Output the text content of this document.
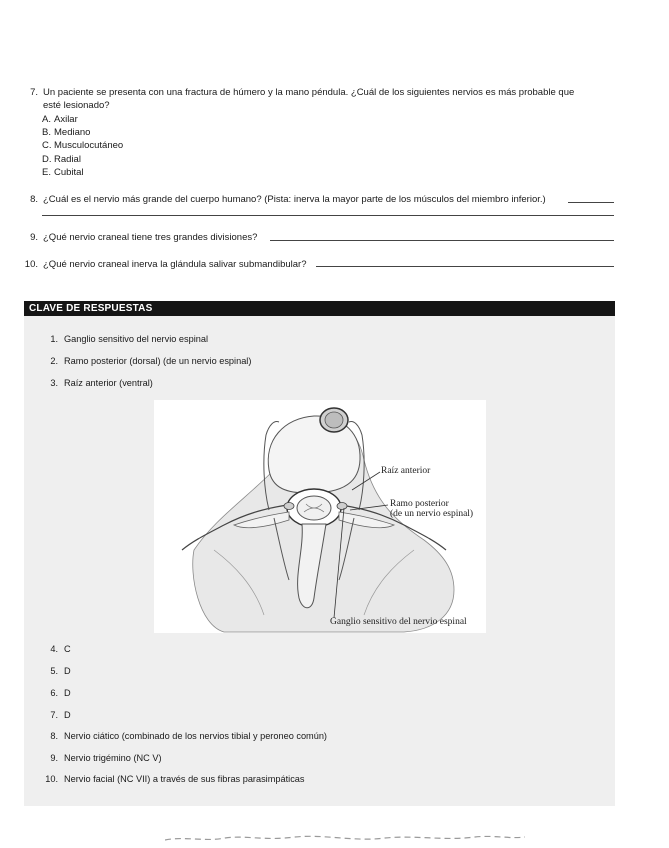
7. Un paciente se presenta con una fractura de húmero y la mano péndula. ¿Cuál de los siguientes nervios es más probable que
esté lesionado?
A. Axilar
B. Mediano
C. Musculocutáneo
D. Radial
E. Cubital
8. ¿Cuál es el nervio más grande del cuerpo humano? (Pista: inerva la mayor parte de los músculos del miembro inferior.)
9. ¿Qué nervio craneal tiene tres grandes divisiones?
10. ¿Qué nervio craneal inerva la glándula salivar submandibular?
CLAVE DE RESPUESTAS
1. Ganglio sensitivo del nervio espinal
2. Ramo posterior (dorsal) (de un nervio espinal)
3. Raíz anterior (ventral)
Raíz anterior
Ramo posterior
(de un nervio espinal)
Ganglio sensitivo del nervio espinal
4. C
5. D
6. D
7. D
8. Nervio ciático (combinado de los nervios tibial y peroneo común)
9. Nervio trigémino (NC V)
10. Nervio facial (NC VII) a través de sus fibras parasimpáticas
